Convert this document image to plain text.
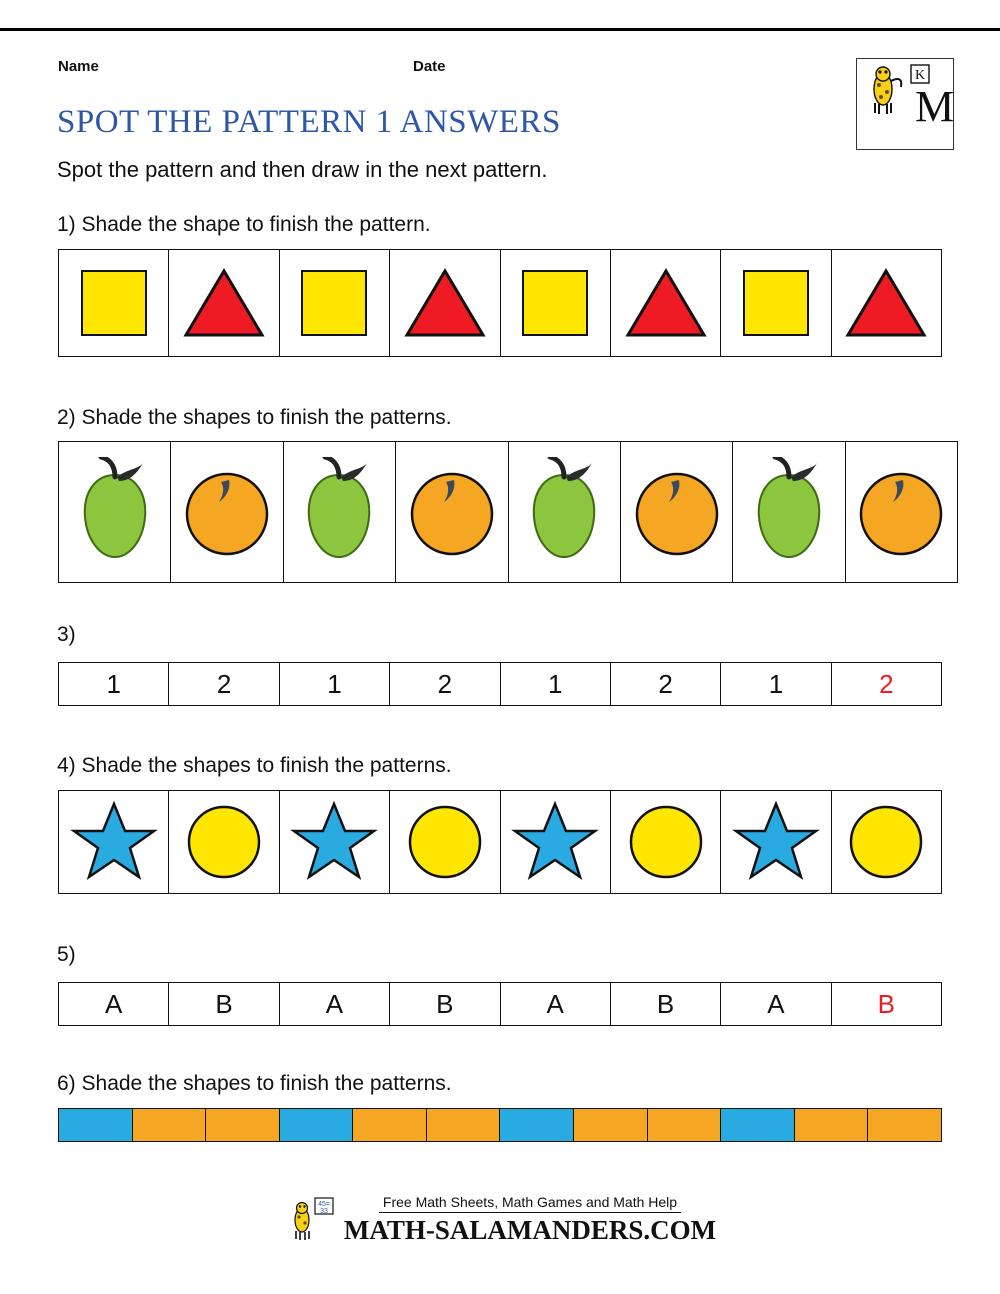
Name	Date
K
M
SPOT THE PATTERN 1 ANSWERS
Spot the pattern and then draw in the next pattern.
1) Shade the shape to finish the pattern.
2) Shade the shapes to finish the patterns.
3)
1	2	1	2	1	2	1	2
4) Shade the shapes to finish the patterns.
5)
A	B	A	B	A	B	A	B
6) Shade the shapes to finish the patterns.
45=
33
Free Math Sheets, Math Games and Math Help
MATH-SALAMANDERS.COM
